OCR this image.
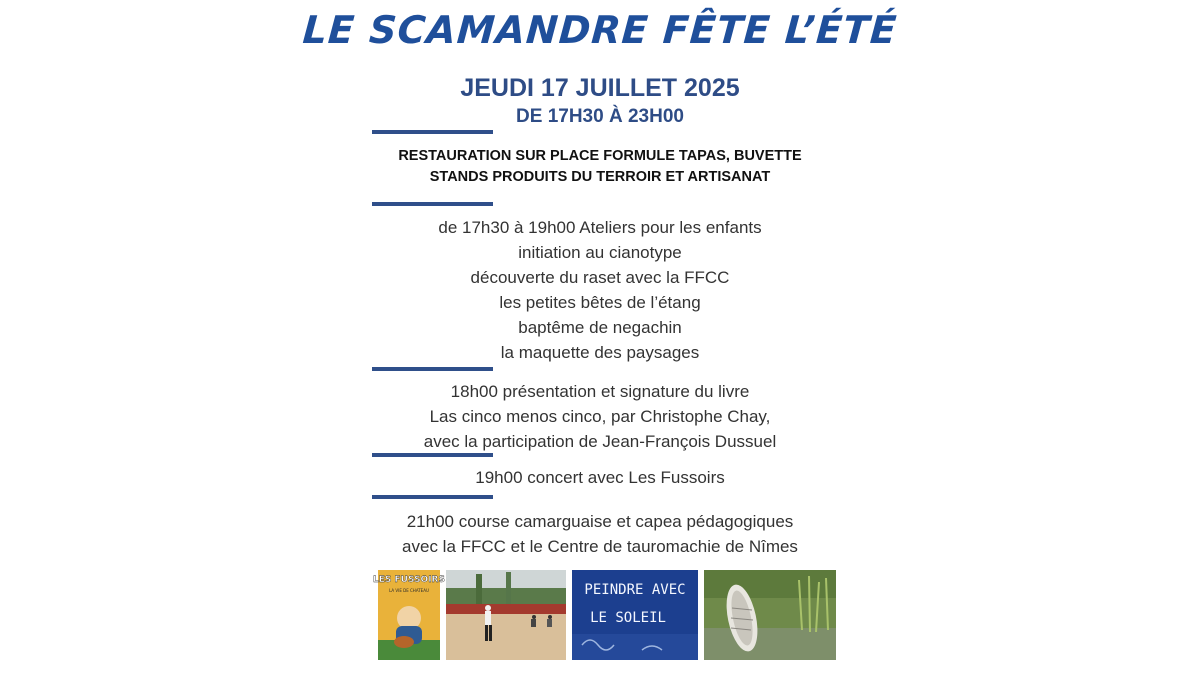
LE SCAMANDRE FÊTE L’ÉTÉ
JEUDI 17 JUILLET 2025
DE 17H30 À 23H00
RESTAURATION SUR PLACE FORMULE TAPAS, BUVETTE
STANDS PRODUITS DU TERROIR ET ARTISANAT
de 17h30 à 19h00 Ateliers pour les enfants
initiation au cianotype
découverte du raset avec la FFCC
les petites bêtes de l’étang
baptême de negachin
la maquette des paysages
18h00 présentation et signature du livre
Las cinco menos cinco, par Christophe Chay,
avec la participation de Jean-François Dussuel
19h00 concert avec Les Fussoirs
21h00 course camarguaise et capea pédagogiques
avec la FFCC et le Centre de tauromachie de Nîmes
LES FUSSOIRS
LA VIE DE CHATEAU	PEINDRE AVEC
LE SOLEIL
